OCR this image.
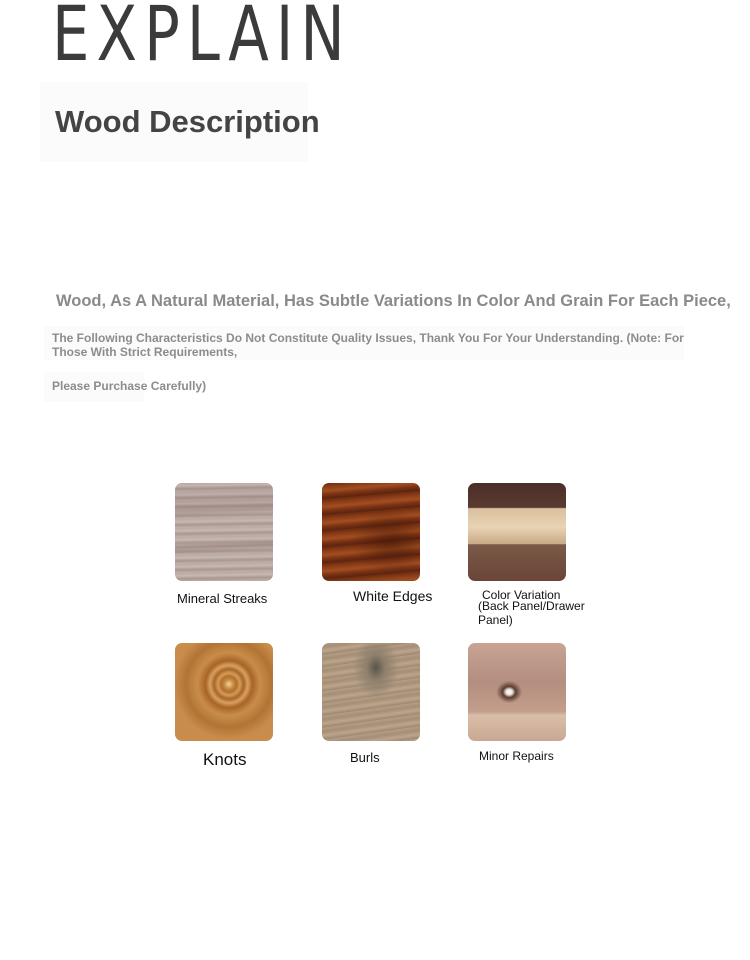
EXPLAIN
Wood Description

Wood, As A Natural Material, Has Subtle Variations In Color And Grain For Each Piece,

The Following Characteristics Do Not Constitute Quality Issues, Thank You For Your Understanding. (Note: For Those With Strict Requirements,

Please Purchase Carefully)

Mineral Streaks	White Edges	Color Variation

(Back Panel/Drawer Panel)

Knots	Burls	Minor Repairs
